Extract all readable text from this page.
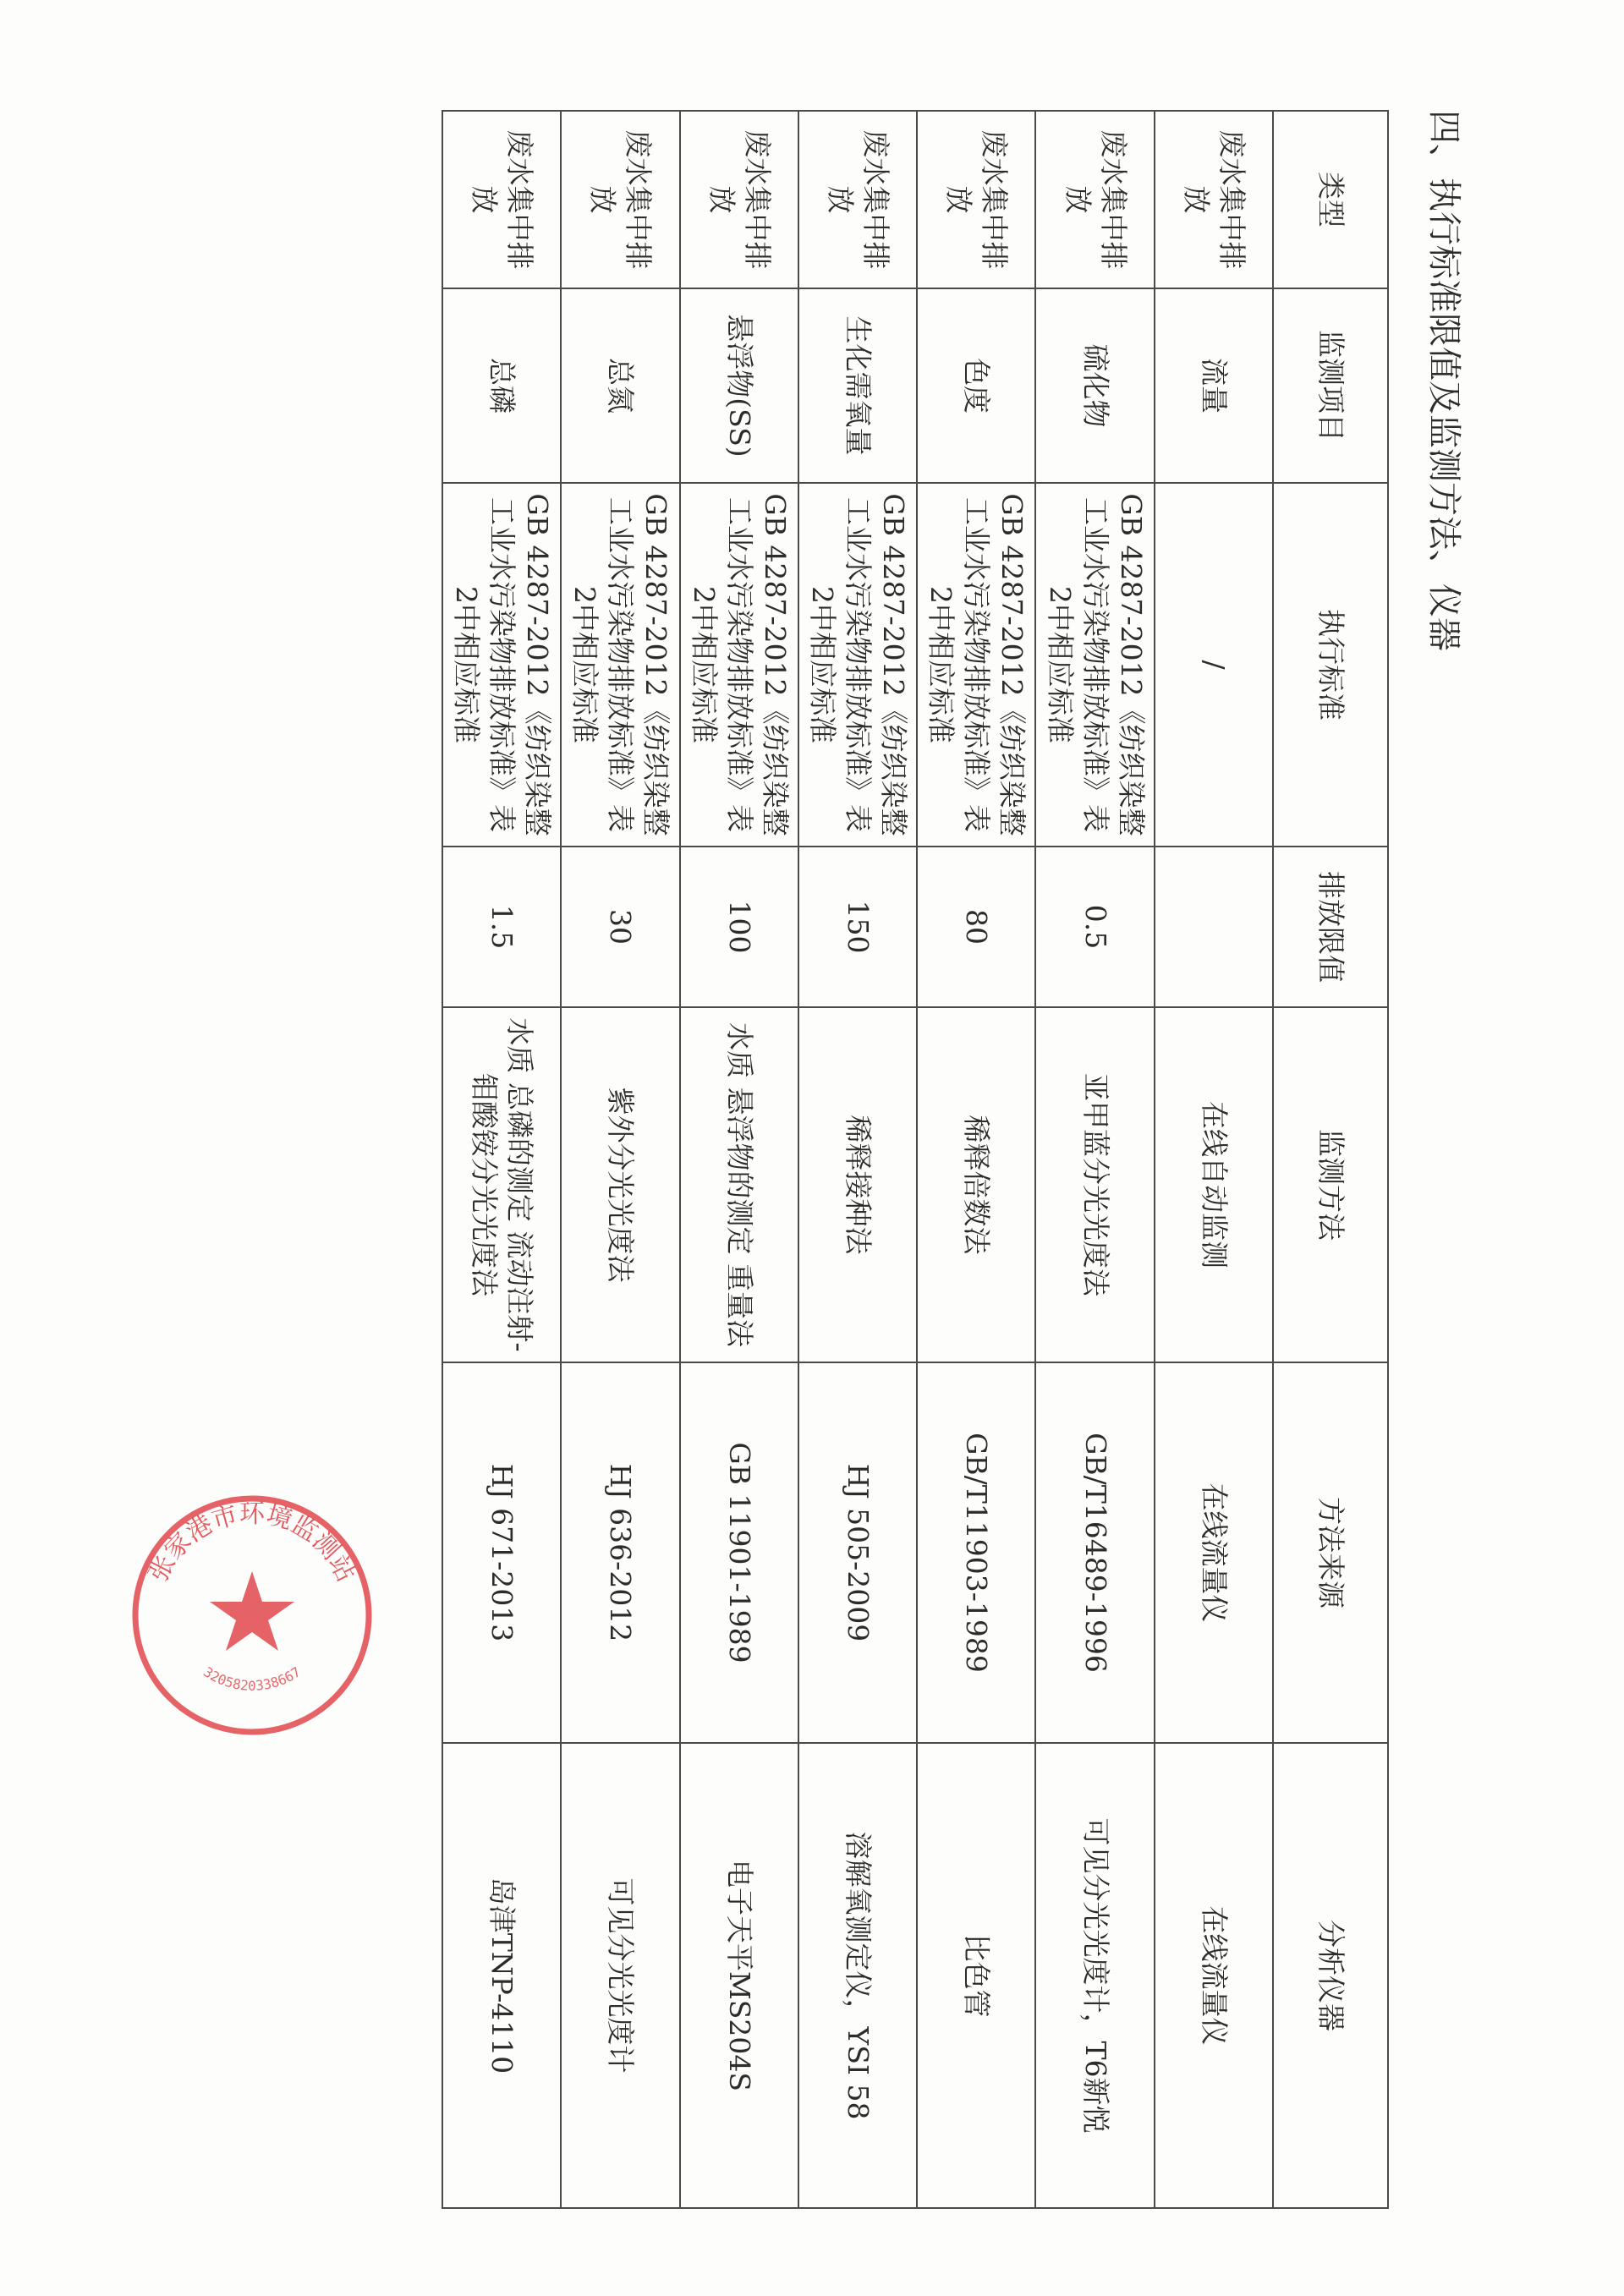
四、执行标准限值及监测方法、仪器
类型	监测项目	执行标准	排放限值	监测方法	方法来源	分析仪器
废水集中排放	流量	/		在线自动监测	在线流量仪	在线流量仪
废水集中排放	硫化物	GB 4287-2012《纺织染整工业水污染物排放标准》表2中相应标准	0.5	亚甲蓝分光光度法	GB/T16489-1996	可见分光光度计，T6新悦
废水集中排放	色度	GB 4287-2012《纺织染整工业水污染物排放标准》表2中相应标准	80	稀释倍数法	GB/T11903-1989	比色管
废水集中排放	生化需氧量	GB 4287-2012《纺织染整工业水污染物排放标准》表2中相应标准	150	稀释接种法	HJ 505-2009	溶解氧测定仪，YSI 58
废水集中排放	悬浮物(SS)	GB 4287-2012《纺织染整工业水污染物排放标准》表2中相应标准	100	水质 悬浮物的测定 重量法	GB 11901-1989	电子天平MS204S
废水集中排放	总氮	GB 4287-2012《纺织染整工业水污染物排放标准》表2中相应标准	30	紫外分光光度法	HJ 636-2012	可见分光光度计
废水集中排放	总磷	GB 4287-2012《纺织染整工业水污染物排放标准》表2中相应标准	1.5	水质 总磷的测定 流动注射-钼酸铵分光光度法	HJ 671-2013	岛津TNP-4110
张家港市环境监测站
3205820338667
